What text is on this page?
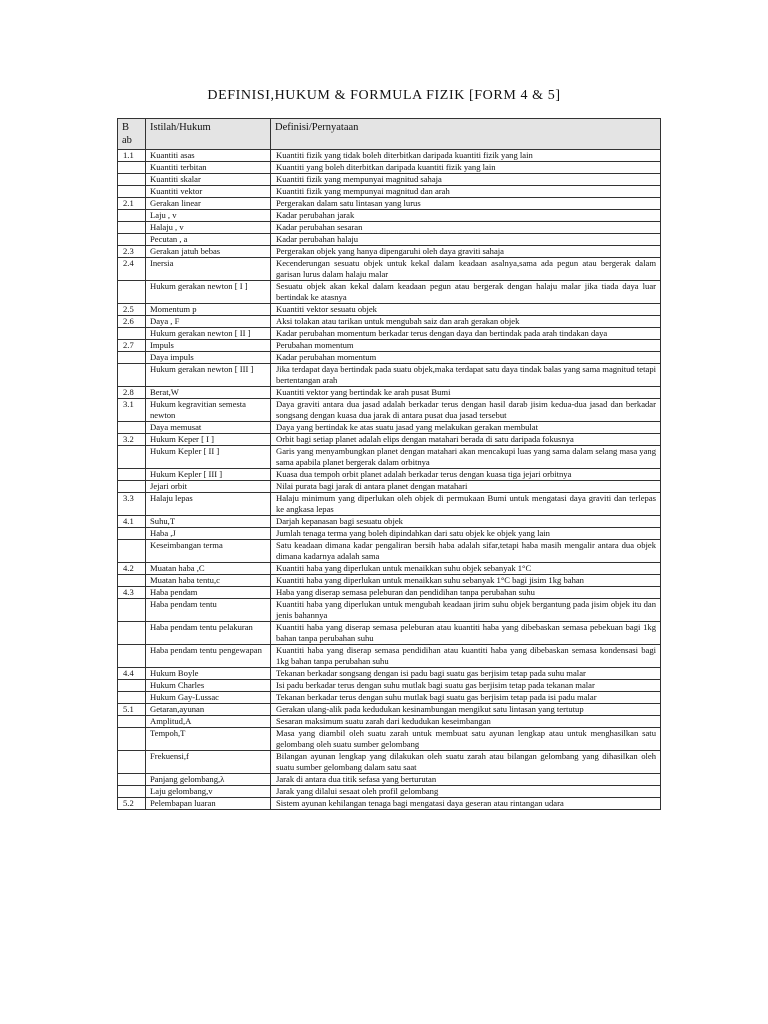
DEFINISI,HUKUM & FORMULA FIZIK [FORM 4 & 5]
B ab	Istilah/Hukum	Definisi/Pernyataan
1.1	Kuantiti asas	Kuantiti fizik yang tidak boleh diterbitkan daripada kuantiti fizik yang lain
	Kuantiti terbitan	Kuantiti yang boleh diterbitkan daripada kuantiti fizik yang lain
	Kuantiti skalar	Kuantiti fizik yang mempunyai magnitud sahaja
	Kuantiti vektor	Kuantiti fizik yang mempunyai magnitud dan arah
2.1	Gerakan linear	Pergerakan dalam satu lintasan yang lurus
	Laju , v	Kadar perubahan jarak
	Halaju , v	Kadar perubahan sesaran
	Pecutan , a	Kadar perubahan halaju
2.3	Gerakan jatuh bebas	Pergerakan objek yang hanya dipengaruhi oleh daya graviti sahaja
2.4	Inersia	Kecenderungan sesuatu objek untuk kekal dalam keadaan asalnya,sama ada pegun atau bergerak dalam garisan lurus dalam halaju malar
	Hukum gerakan newton [ I ]	Sesuatu objek akan kekal dalam keadaan pegun atau bergerak dengan halaju malar jika tiada daya luar bertindak ke atasnya
2.5	Momentum p	Kuantiti vektor sesuatu objek
2.6	Daya , F	Aksi tolakan atau tarikan untuk mengubah saiz dan arah gerakan objek
	Hukum gerakan newton [ II ]	Kadar perubahan momentum berkadar terus dengan daya dan bertindak pada arah tindakan daya
2.7	Impuls	Perubahan momentum
	Daya impuls	Kadar perubahan momentum
	Hukum gerakan newton [ III ]	Jika terdapat daya bertindak pada suatu objek,maka terdapat satu daya tindak balas yang sama magnitud tetapi bertentangan arah
2.8	Berat,W	Kuantiti vektor yang bertindak ke arah pusat Bumi
3.1	Hukum kegravitian semesta newton	Daya graviti antara dua jasad adalah berkadar terus dengan hasil darab jisim kedua-dua jasad dan berkadar songsang dengan kuasa dua jarak di antara pusat dua jasad tersebut
	Daya memusat	Daya yang bertindak ke atas suatu jasad yang melakukan gerakan membulat
3.2	Hukum Keper [ I ]	Orbit bagi setiap planet adalah elips dengan matahari berada di satu daripada fokusnya
	Hukum Kepler [ II ]	Garis yang menyambungkan planet dengan matahari akan mencakupi luas yang sama dalam selang masa yang sama apabila planet bergerak dalam orbitnya
	Hukum Kepler [ III ]	Kuasa dua tempoh orbit planet adalah berkadar terus dengan kuasa tiga jejari orbitnya
	Jejari orbit	Nilai purata bagi jarak di antara planet dengan matahari
3.3	Halaju lepas	Halaju minimum yang diperlukan oleh objek di permukaan Bumi untuk mengatasi daya graviti dan terlepas ke angkasa lepas
4.1	Suhu,T	Darjah kepanasan bagi sesuatu objek
	Haba ,J	Jumlah tenaga terma yang boleh dipindahkan dari satu objek ke objek yang lain
	Keseimbangan terma	Satu keadaan dimana kadar pengaliran bersih haba adalah sifar,tetapi haba masih mengalir antara dua objek dimana kadarnya adalah sama
4.2	Muatan haba ,C	Kuantiti haba yang diperlukan untuk menaikkan suhu objek sebanyak 1°C
	Muatan haba tentu,c	Kuantiti haba yang diperlukan untuk menaikkan suhu sebanyak 1°C bagi jisim 1kg bahan
4.3	Haba pendam	Haba yang diserap semasa peleburan dan pendidihan tanpa perubahan suhu
	Haba pendam tentu	Kuantiti haba yang diperlukan untuk mengubah keadaan jirim suhu objek bergantung pada jisim objek itu dan jenis bahannya
	Haba pendam tentu pelakuran	Kuantiti haba yang diserap semasa peleburan atau kuantiti haba yang dibebaskan semasa pebekuan bagi 1kg bahan tanpa perubahan suhu
	Haba pendam tentu pengewapan	Kuantiti haba yang diserap semasa pendidihan atau kuantiti haba yang dibebaskan semasa kondensasi bagi 1kg bahan tanpa perubahan suhu
4.4	Hukum Boyle	Tekanan berkadar songsang dengan isi padu bagi suatu gas berjisim tetap pada suhu malar
	Hukum Charles	Isi padu berkadar terus dengan suhu mutlak bagi suatu gas berjisim tetap pada tekanan malar
	Hukum Gay-Lussac	Tekanan berkadar terus dengan suhu mutlak bagi suatu gas berjisim tetap pada isi padu malar
5.1	Getaran,ayunan	Gerakan ulang-alik pada kedudukan kesinambungan mengikut satu lintasan yang tertutup
	Amplitud,A	Sesaran maksimum suatu zarah dari kedudukan keseimbangan
	Tempoh,T	Masa yang diambil oleh suatu zarah untuk membuat satu ayunan lengkap atau untuk menghasilkan satu gelombang oleh suatu sumber gelombang
	Frekuensi,f	Bilangan ayunan lengkap yang dilakukan oleh suatu zarah atau bilangan gelombang yang dihasilkan oleh suatu sumber gelombang dalam satu saat
	Panjang gelombang,λ	Jarak di antara dua titik sefasa yang berturutan
	Laju gelombang,v	Jarak yang dilalui sesaat oleh profil gelombang
5.2	Pelembapan luaran	Sistem ayunan kehilangan tenaga bagi mengatasi daya geseran atau rintangan udara
